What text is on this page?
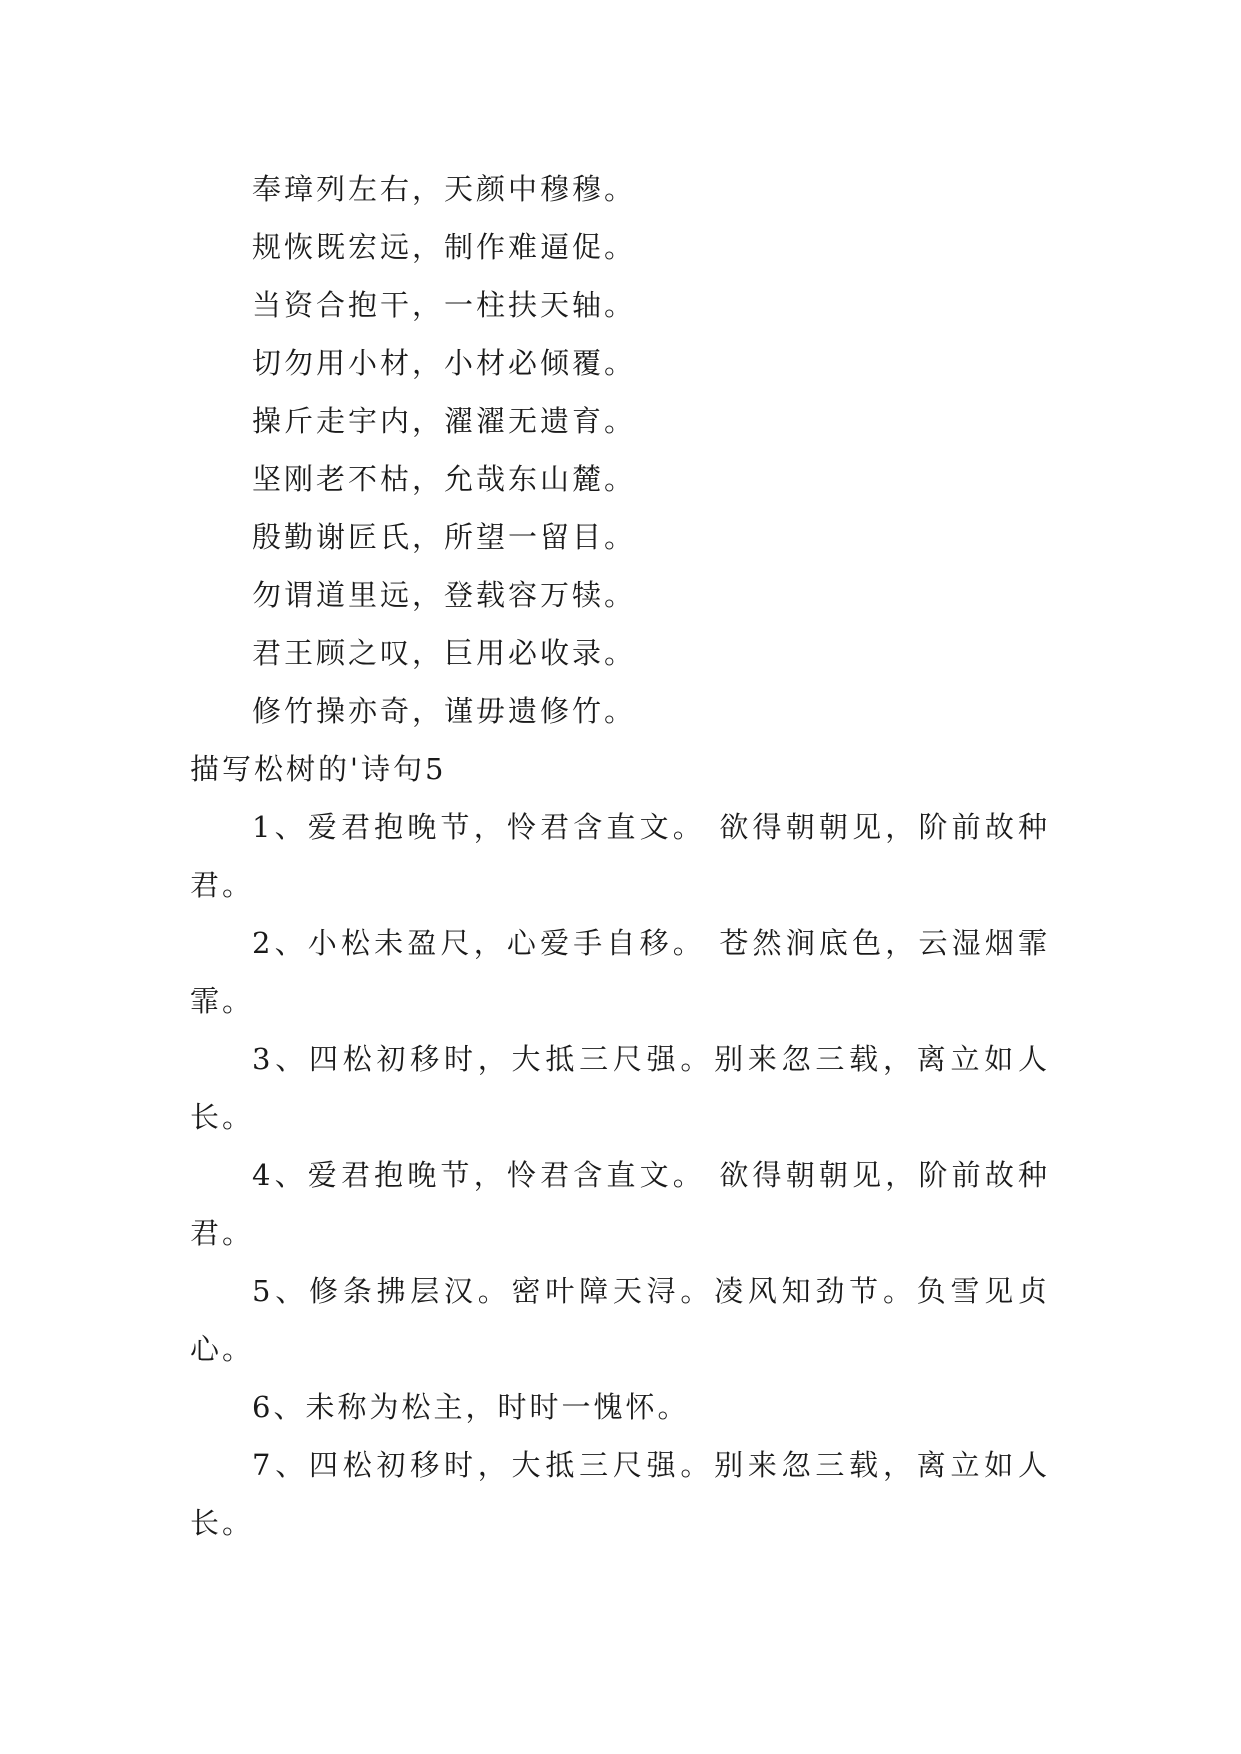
奉璋列左右，天颜中穆穆。

规恢既宏远，制作难逼促。

当资合抱干，一柱扶天轴。

切勿用小材，小材必倾覆。

操斤走宇内，濯濯无遗育。

坚刚老不枯，允哉东山麓。

殷勤谢匠氏，所望一留目。

勿谓道里远，登载容万犊。

君王顾之叹，巨用必收录。

修竹操亦奇，谨毋遗修竹。

描写松树的'诗句5

1、爱君抱晚节，怜君含直文。 欲得朝朝见，阶前故种君。

2、小松未盈尺，心爱手自移。 苍然涧底色，云湿烟霏霏。

3、四松初移时，大抵三尺强。别来忽三载，离立如人长。

4、爱君抱晚节，怜君含直文。 欲得朝朝见，阶前故种君。

5、修条拂层汉。密叶障天浔。凌风知劲节。负雪见贞心。

6、未称为松主，时时一愧怀。

7、四松初移时，大抵三尺强。别来忽三载，离立如人长。
